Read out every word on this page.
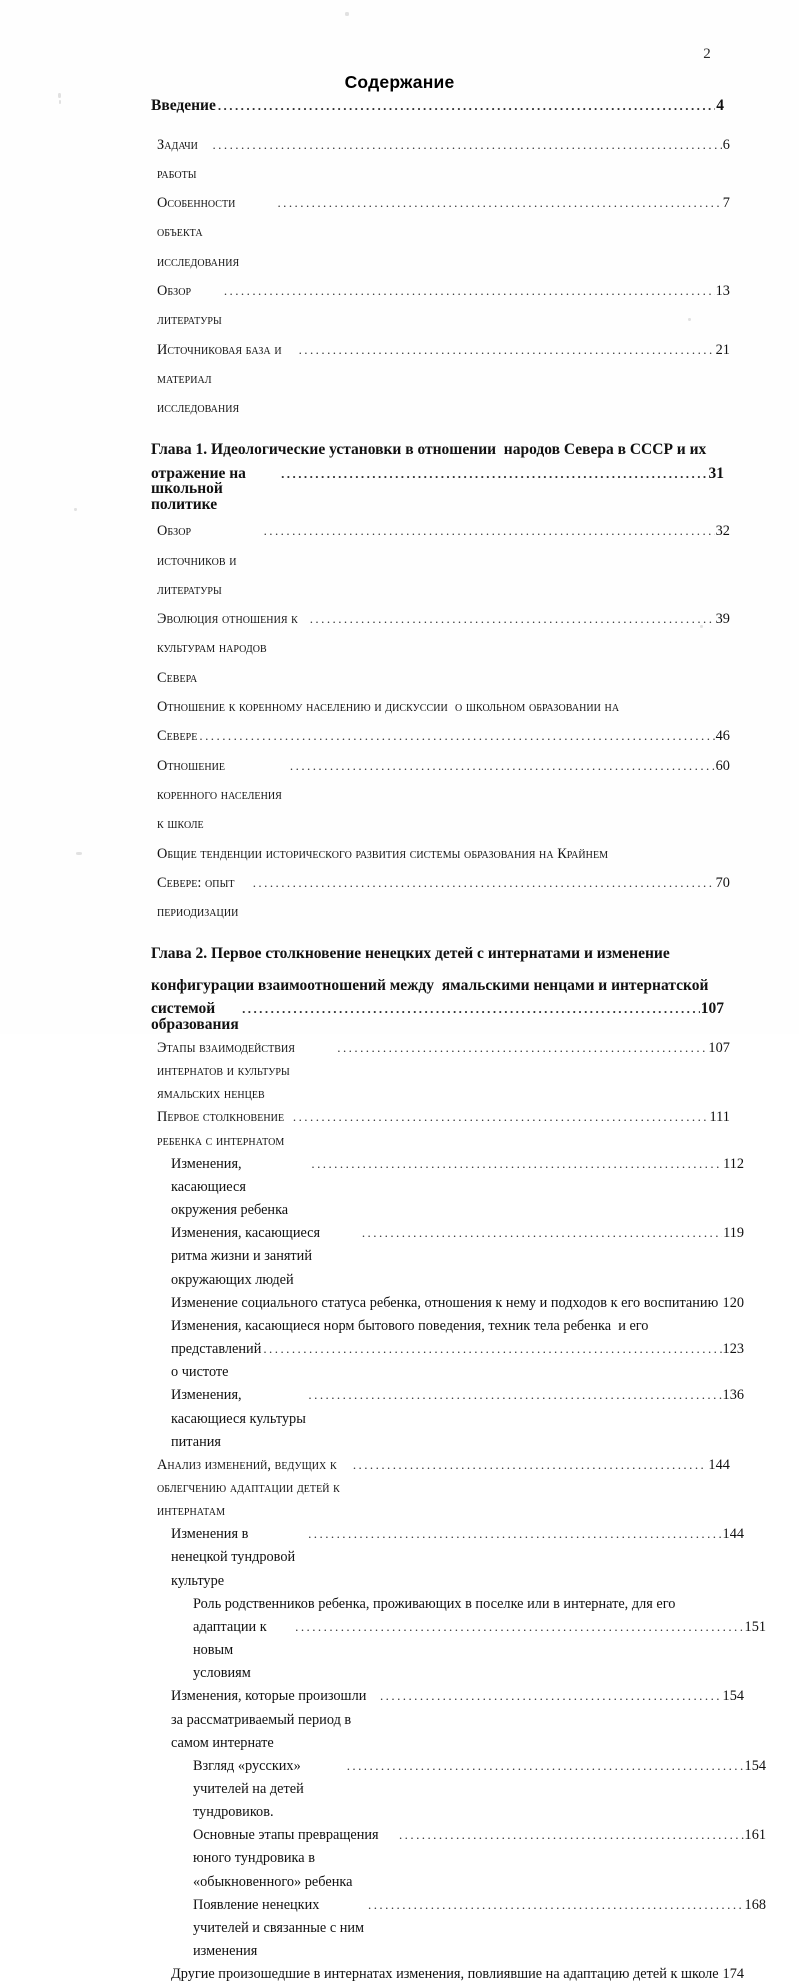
2
Содержание
Введение . . .	4
Задачи работы
. . .
6
Особенности объекта исследования
. . .
7
Обзор литературы
. . .
13
Источниковая база и материал исследования
. . .
21
Глава 1. Идеологические установки в отношении  народов Севера в СССР и их
отражение на школьной политике
. . .
31
Обзор источников и литературы
. . .
32
Эволюция отношения к культурам народов Севера
. . .
39
Отношение к коренному населению и дискуссии  о школьном образовании на
Севере . . .	46
Отношение коренного населения к школе
. . .
60
Общие тенденции исторического развития системы образования на Крайнем
Севере: опыт периодизации
. . .
70
Глава 2. Первое столкновение ненецких детей с интернатами и изменение
конфигурации взаимоотношений между  ямальскими ненцами и интернатской
системой образования
. . .
107
Этапы взаимодействия интернатов и культуры ямальских ненцев
. . .
107
Первое столкновение ребенка с интернатом
. . .
111
Изменения, касающиеся окружения ребенка
. . .
112
Изменения, касающиеся ритма жизни и занятий окружающих людей
. . .
119
Изменение социального статуса ребенка, отношения к нему и подходов к его воспитанию 120
Изменения, касающиеся норм бытового поведения, техник тела ребенка  и его
представлений о чистоте
. . .
123
Изменения, касающиеся культуры питания
. . .
136
Анализ изменений, ведущих к облегчению адаптации детей к интернатам
. . .
144
Изменения в ненецкой тундровой культуре
. . .
144
Роль родственников ребенка, проживающих в поселке или в интернате, для его
адаптации к новым условиям
. . .
151
Изменения, которые произошли за рассматриваемый период в самом интернате
. . .
154
Взгляд «русских» учителей на детей тундровиков.
. . .
154
Основные этапы превращения юного тундровика в «обыкновенного» ребенка
. . .
161
Появление ненецких учителей и связанные с ним изменения
. . .
168
Другие произошедшие в интернатах изменения, повлиявшие на адаптацию детей к школе 174
